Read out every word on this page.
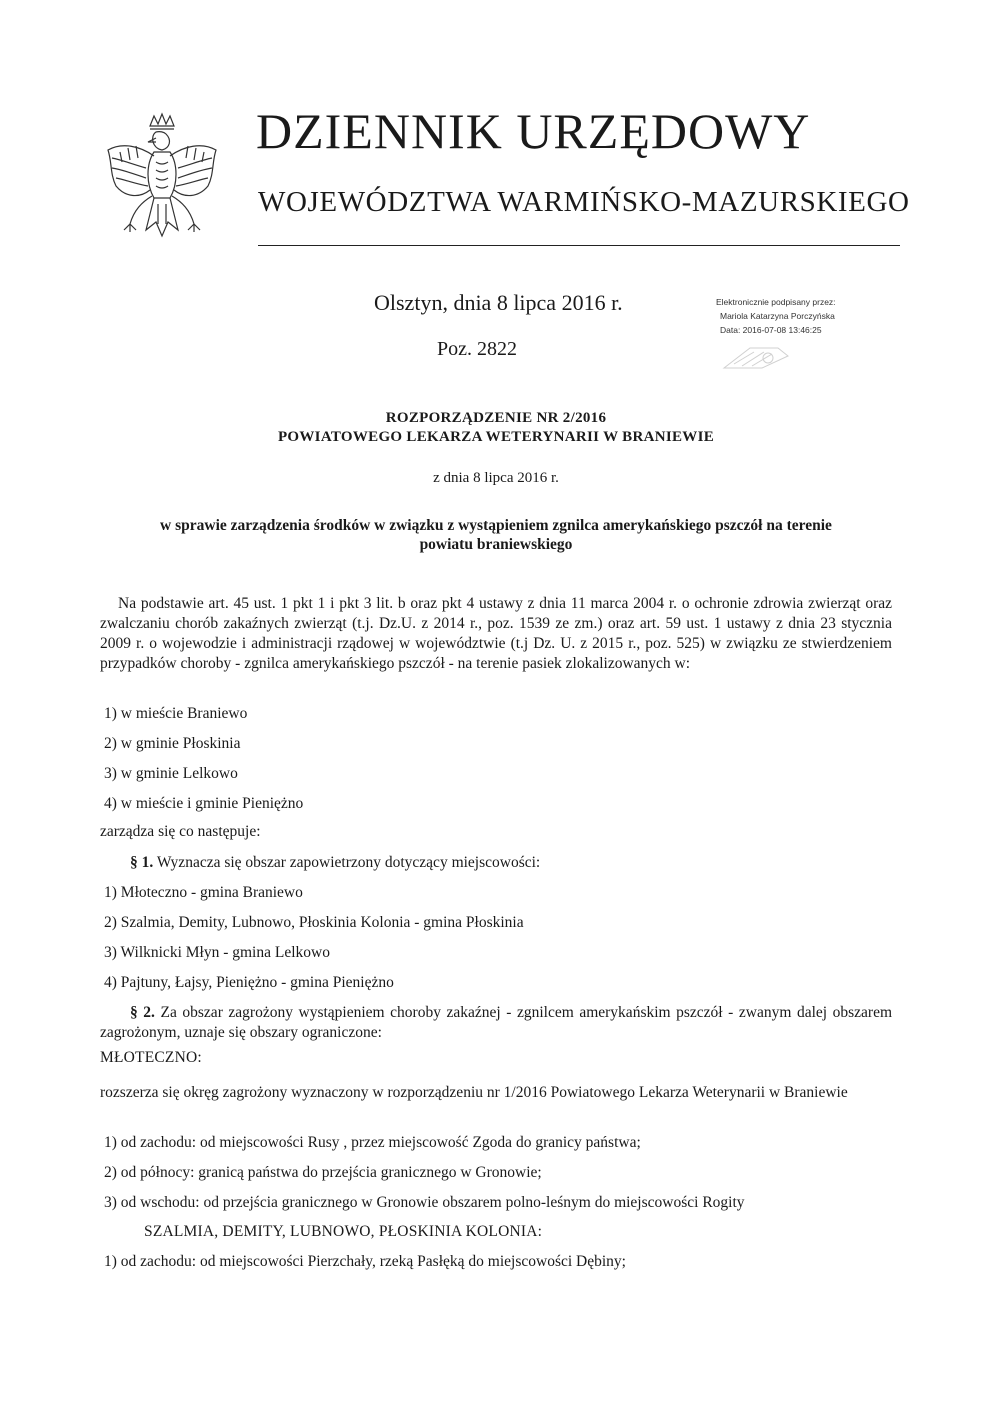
DZIENNIK URZĘDOWY
WOJEWÓDZTWA WARMIŃSKO-MAZURSKIEGO
Olsztyn, dnia 8 lipca 2016 r.
Poz. 2822
Elektronicznie podpisany przez:
Mariola Katarzyna Porczyńska
Data: 2016-07-08 13:46:25
ROZPORZĄDZENIE NR 2/2016
POWIATOWEGO LEKARZA WETERYNARII W BRANIEWIE
z dnia 8 lipca 2016 r.
w sprawie zarządzenia środków w związku z wystąpieniem zgnilca amerykańskiego pszczół na terenie
powiatu braniewskiego
Na podstawie art. 45 ust. 1 pkt 1 i pkt 3 lit. b oraz pkt 4 ustawy z dnia 11 marca 2004 r. o ochronie zdrowia zwierząt oraz zwalczaniu chorób zakaźnych zwierząt (t.j. Dz.U. z 2014 r., poz. 1539 ze zm.) oraz art. 59 ust. 1 ustawy z dnia 23 stycznia 2009 r. o wojewodzie i administracji rządowej w województwie (t.j Dz. U. z 2015 r., poz. 525) w związku ze stwierdzeniem przypadków choroby - zgnilca amerykańskiego pszczół - na terenie pasiek zlokalizowanych w:
1) w mieście Braniewo
2) w gminie Płoskinia
3) w gminie Lelkowo
4) w mieście i gminie Pieniężno
zarządza się co następuje:
§ 1. Wyznacza się obszar zapowietrzony dotyczący miejscowości:
1) Młoteczno - gmina Braniewo
2) Szalmia, Demity, Lubnowo, Płoskinia Kolonia - gmina Płoskinia
3) Wilknicki Młyn - gmina Lelkowo
4) Pajtuny, Łajsy, Pieniężno - gmina Pieniężno
§ 2. Za obszar zagrożony wystąpieniem choroby zakaźnej - zgnilcem amerykańskim pszczół - zwanym dalej obszarem zagrożonym, uznaje się obszary ograniczone:
MŁOTECZNO:
rozszerza się okręg zagrożony wyznaczony w rozporządzeniu nr 1/2016 Powiatowego Lekarza Weterynarii w Braniewie
1) od zachodu: od miejscowości Rusy , przez miejscowość Zgoda do granicy państwa;
2) od północy: granicą państwa do przejścia granicznego w Gronowie;
3) od wschodu: od przejścia granicznego w Gronowie obszarem polno-leśnym do miejscowości Rogity
SZALMIA, DEMITY, LUBNOWO, PŁOSKINIA KOLONIA:
1) od zachodu: od miejscowości Pierzchały, rzeką Pasłęką do miejscowości Dębiny;
